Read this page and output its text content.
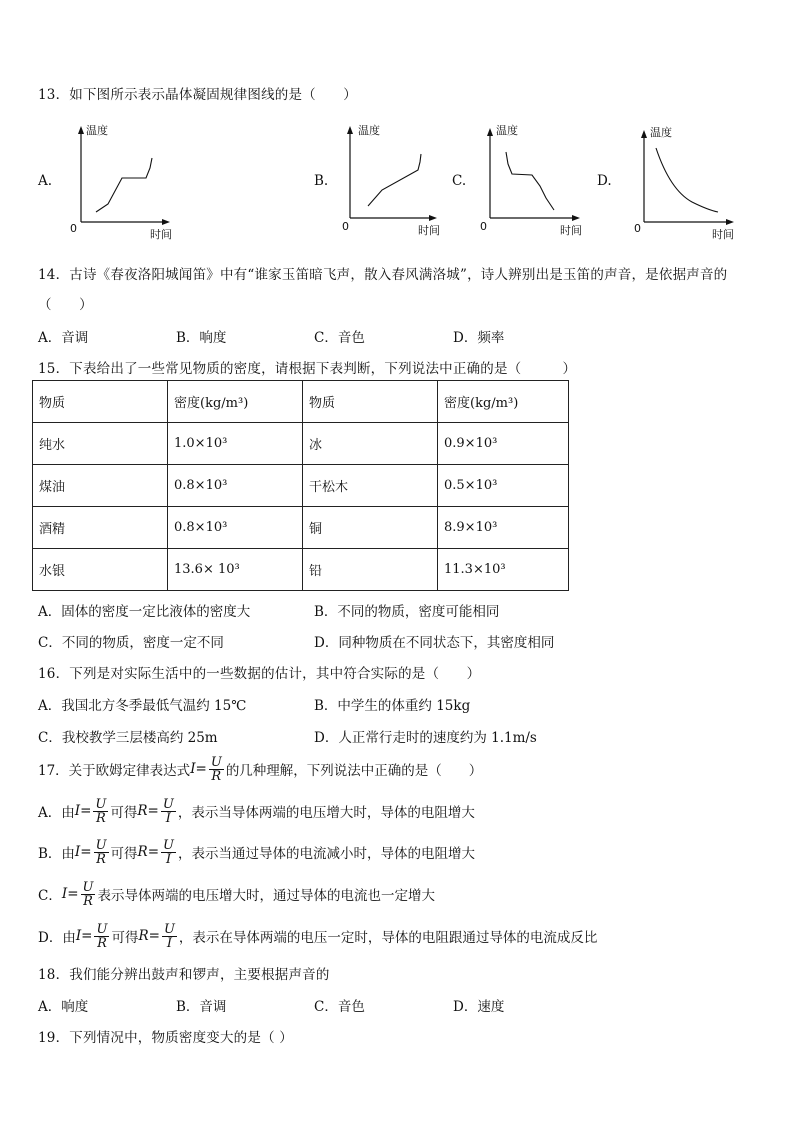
13．如下图所示表示晶体凝固规律图线的是（　　）
A.
温度
0	时间
B.
温度
0	时间
C.
温度
0	时间
D.
温度
0	时间
14．古诗《春夜洛阳城闻笛》中有“谁家玉笛暗飞声，散入春风满洛城”，诗人辨别出是玉笛的声音，是依据声音的
（　　）
A．音调	B．响度	C．音色	D．频率
15．下表给出了一些常见物质的密度，请根据下表判断，下列说法中正确的是（　　　）
物质	密度(kg/m³)	物质	密度(kg/m³)
纯水	1.0×10³	冰	0.9×10³
煤油	0.8×10³	干松木	0.5×10³
酒精	0.8×10³	铜	8.9×10³
水银	13.6× 10³	铅	11.3×10³
A．固体的密度一定比液体的密度大	B．不同的物质，密度可能相同
C．不同的物质，密度一定不同	D．同种物质在不同状态下，其密度相同
16．下列是对实际生活中的一些数据的估计，其中符合实际的是（　　）
A．我国北方冬季最低气温约 15℃	B．中学生的体重约 15kg
C．我校教学三层楼高约 25m	D．人正常行走时的速度约为 1.1m/s
17．关于欧姆定律表达式 $I = \frac{U}{R}$ 的几种理解，下列说法中正确的是（　　）
A．由 $I = \frac{U}{R}$ 可得 $R = \frac{U}{I}$ ，表示当导体两端的电压增大时，导体的电阻增大
B．由 $I = \frac{U}{R}$ 可得 $R = \frac{U}{I}$ ，表示当通过导体的电流减小时，导体的电阻增大
C． $I = \frac{U}{R}$ 表示导体两端的电压增大时，通过导体的电流也一定增大
D．由 $I = \frac{U}{R}$ 可得 $R = \frac{U}{I}$ ，表示在导体两端的电压一定时，导体的电阻跟通过导体的电流成反比
18．我们能分辨出鼓声和锣声，主要根据声音的
A．响度	B．音调	C．音色	D．速度
19．下列情况中，物质密度变大的是（ ）
